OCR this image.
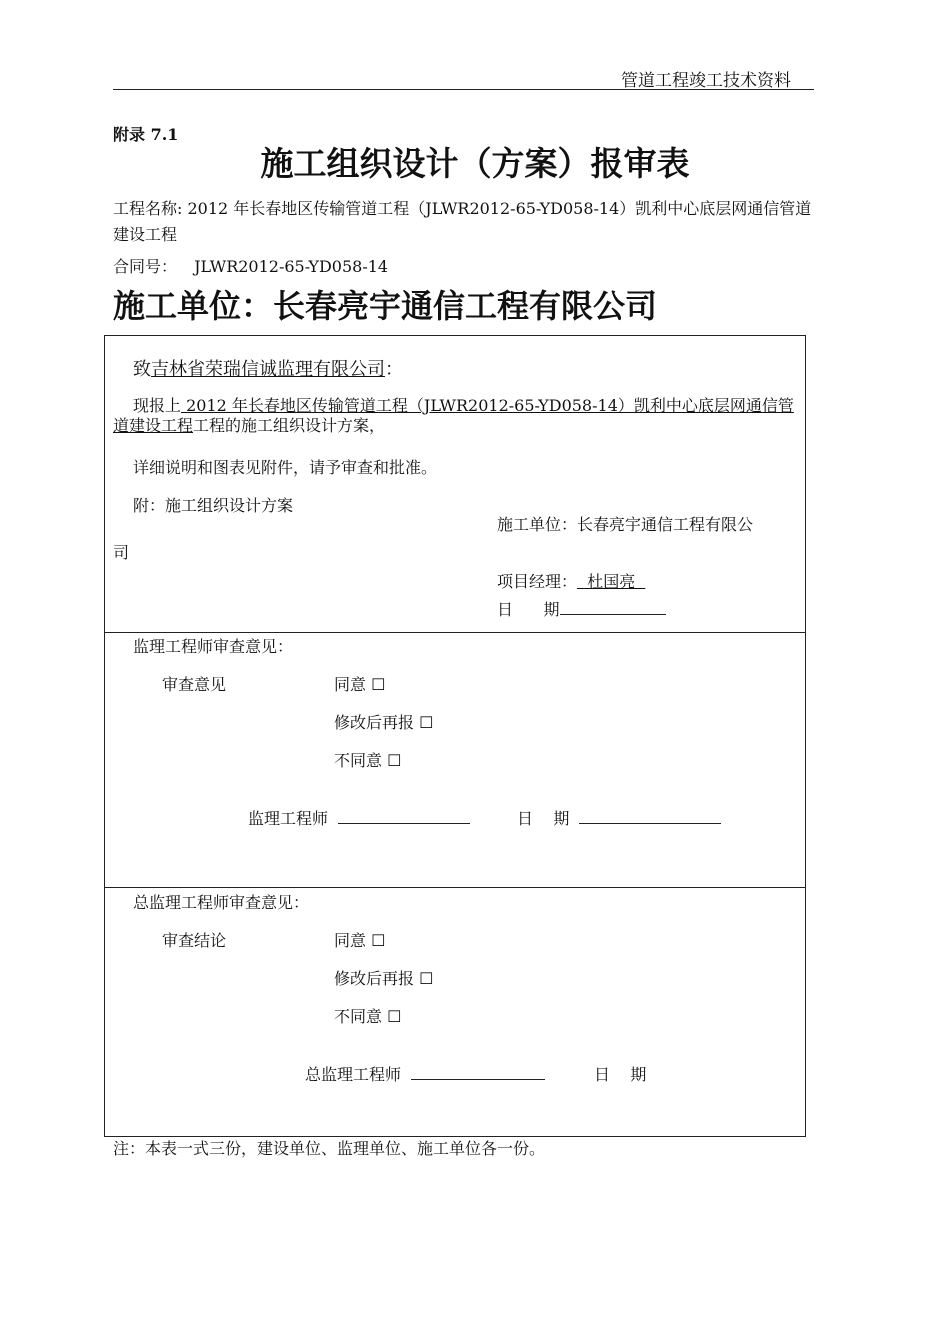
管道工程竣工技术资料
附录 7.1
施工组织设计（方案）报审表
工程名称: 2012 年长春地区传输管道工程（JLWR2012-65-YD058-14）凯利中心底层网通信管道建设工程
合同号： JLWR2012-65-YD058-14
施工单位：长春亮宇通信工程有限公司
致吉林省荣瑞信诚监理有限公司：
现报上 2012 年长春地区传输管道工程（JLWR2012-65-YD058-14）凯利中心底层网通信管道建设工程工程的施工组织设计方案，
详细说明和图表见附件，请予审查和批准。
附：施工组织设计方案
施工单位：长春亮宇通信工程有限公
司
项目经理：  杜国亮
日      期
监理工程师审查意见：
审查意见	同意 ☐
修改后再报 ☐
不同意 ☐
监理工程师	日    期
总监理工程师审查意见：
审查结论	同意 ☐
修改后再报 ☐
不同意 ☐
总监理工程师	日    期
注：本表一式三份，建设单位、监理单位、施工单位各一份。
